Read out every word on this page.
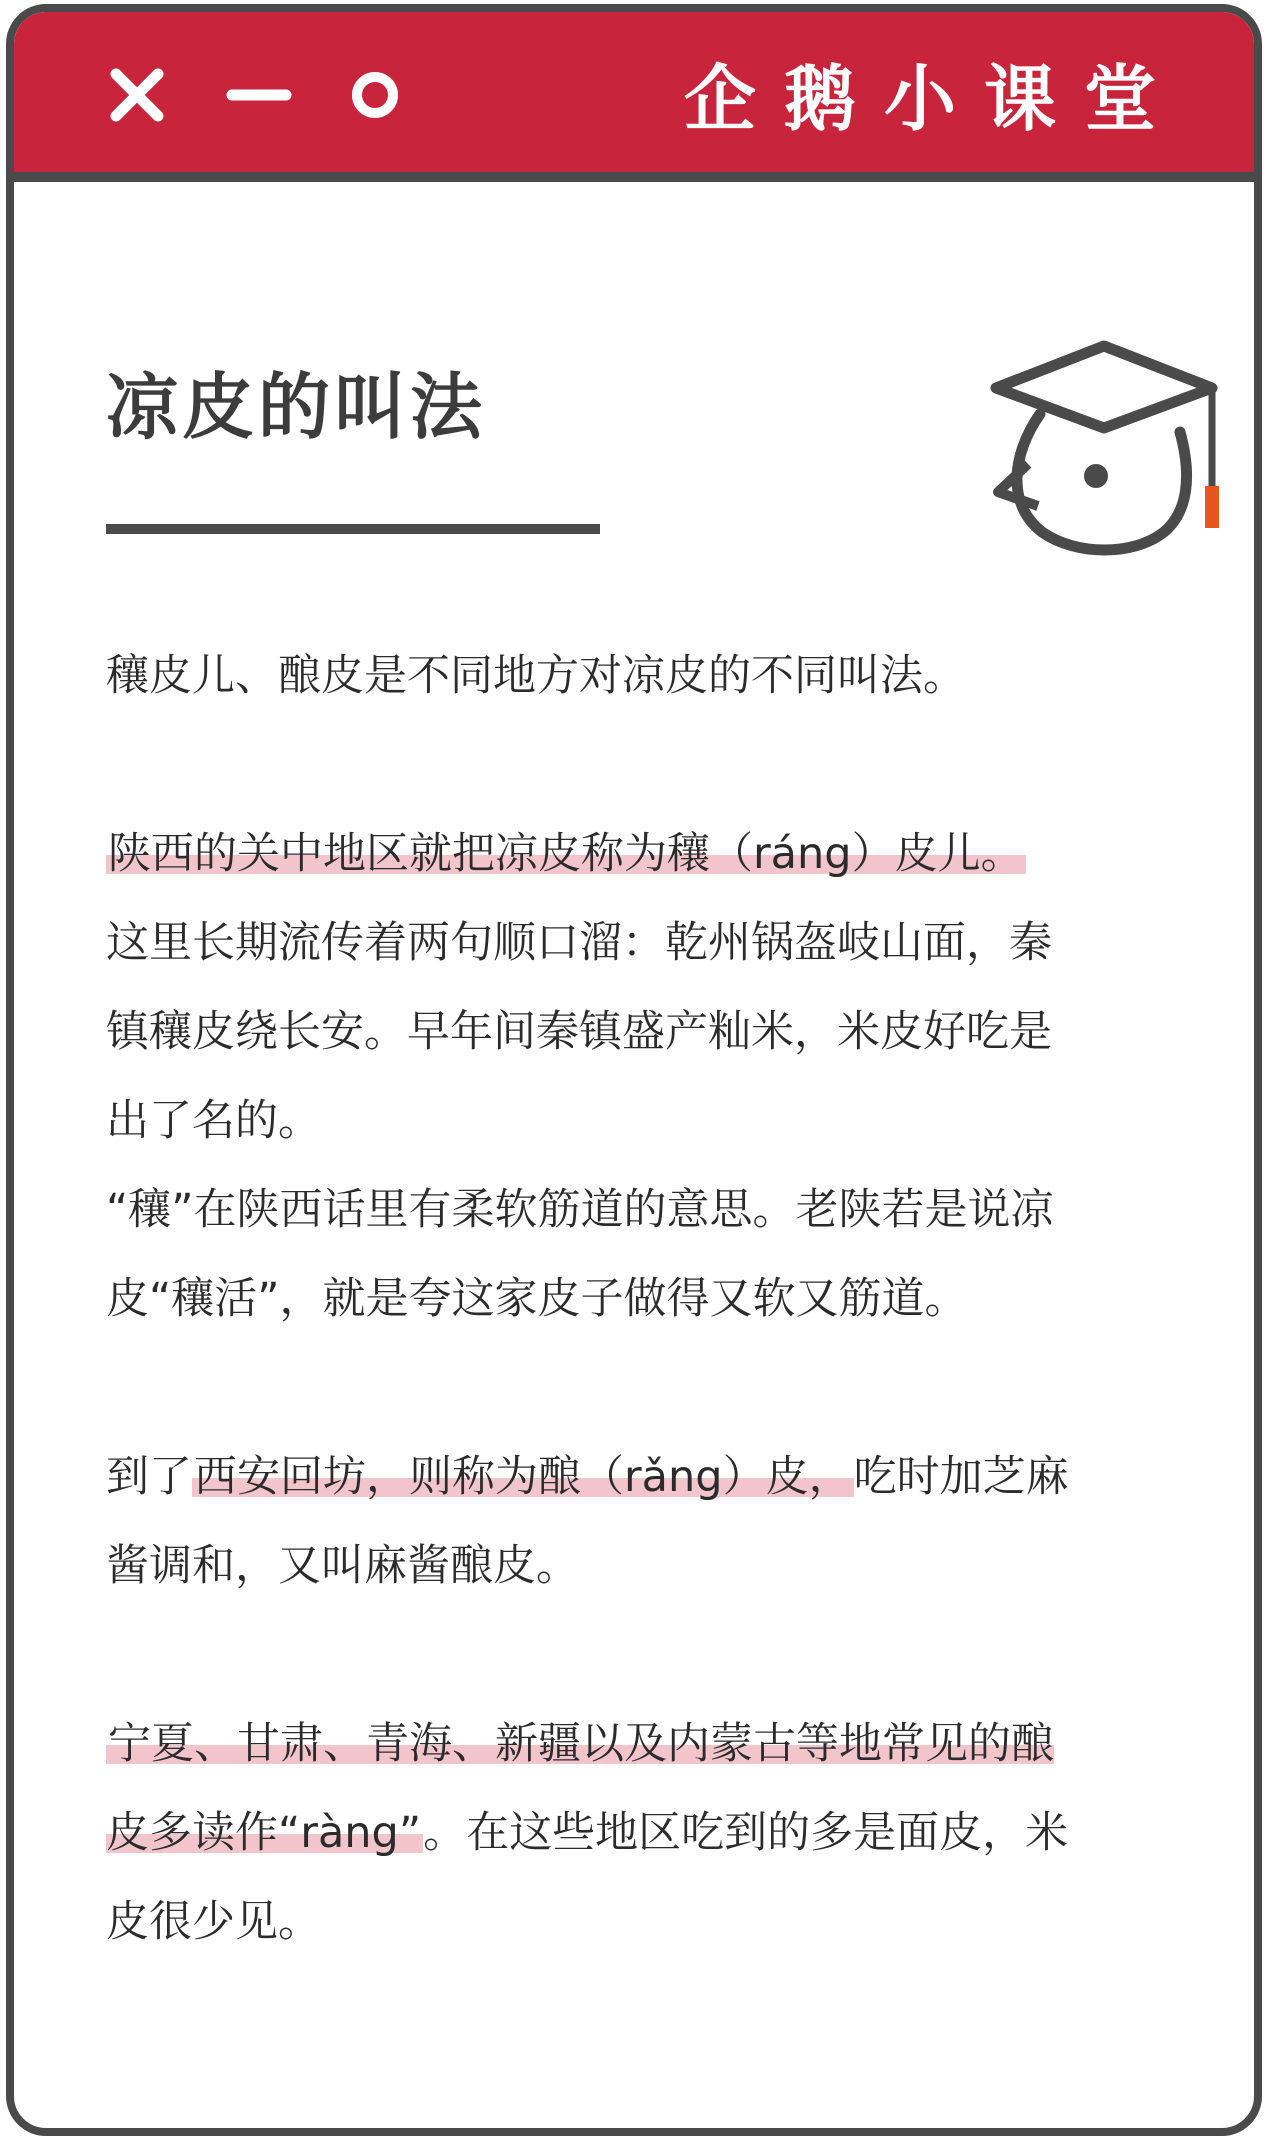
企鹅小课堂
凉皮的叫法

穰皮儿、酿皮是不同地方对凉皮的不同叫法。

陕西的关中地区就把凉皮称为穰（ráng）皮儿。
这里长期流传着两句顺口溜：乾州锅盔岐山面，秦镇穰皮绕长安。早年间秦镇盛产籼米，米皮好吃是出了名的。

“穰”在陕西话里有柔软筋道的意思。老陕若是说凉皮“穰活”，就是夸这家皮子做得又软又筋道。

到了西安回坊，则称为酿（rǎng）皮，吃时加芝麻酱调和，又叫麻酱酿皮。

宁夏、甘肃、青海、新疆以及内蒙古等地常见的酿皮多读作“ràng”。在这些地区吃到的多是面皮，米皮很少见。
